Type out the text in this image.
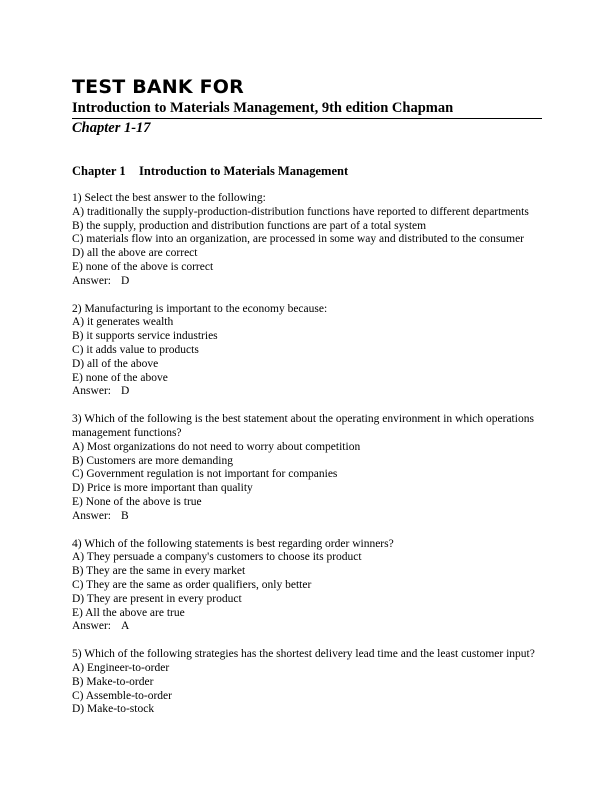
TEST BANK FOR
Introduction to Materials Management, 9th edition Chapman
Chapter 1-17
Chapter 1 Introduction to Materials Management
1) Select the best answer to the following:
A) traditionally the supply-production-distribution functions have reported to different departments
B) the supply, production and distribution functions are part of a total system
C) materials flow into an organization, are processed in some way and distributed to the consumer
D) all the above are correct
E) none of the above is correct
Answer: D
2) Manufacturing is important to the economy because:
A) it generates wealth
B) it supports service industries
C) it adds value to products
D) all of the above
E) none of the above
Answer: D
3) Which of the following is the best statement about the operating environment in which operations management functions?
A) Most organizations do not need to worry about competition
B) Customers are more demanding
C) Government regulation is not important for companies
D) Price is more important than quality
E) None of the above is true
Answer: B
4) Which of the following statements is best regarding order winners?
A) They persuade a company's customers to choose its product
B) They are the same in every market
C) They are the same as order qualifiers, only better
D) They are present in every product
E) All the above are true
Answer: A
5) Which of the following strategies has the shortest delivery lead time and the least customer input?
A) Engineer-to-order
B) Make-to-order
C) Assemble-to-order
D) Make-to-stock
